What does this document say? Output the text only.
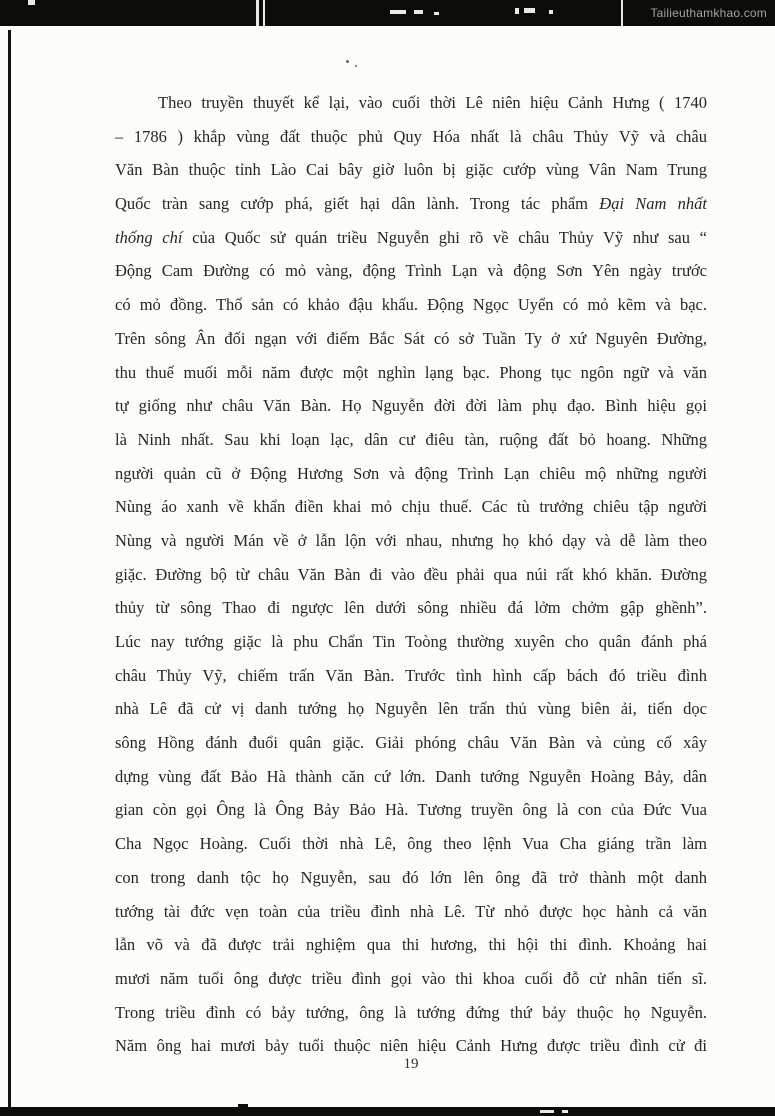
Tailieuthamkhao.com
Theo truyền thuyết kể lại, vào cuối thời Lê niên hiệu Cảnh Hưng ( 1740
– 1786 ) khắp vùng đất thuộc phủ Quy Hóa nhất là châu Thủy Vỹ và châu
Văn Bàn thuộc tỉnh Lào Cai bây giờ luôn bị giặc cướp vùng Vân Nam Trung
Quốc tràn sang cướp phá, giết hại dân lành. Trong tác phẩm Đại Nam nhất
thống chí của Quốc sử quán triều Nguyễn ghi rõ về châu Thủy Vỹ như sau “
Động Cam Đường có mỏ vàng, động Trình Lạn và động Sơn Yên ngày trước
có mỏ đồng. Thổ sản có khảo đậu khấu. Động Ngọc Uyển có mỏ kẽm và bạc.
Trên sông Ân đối ngạn với điếm Bắc Sát có sở Tuần Ty ở xứ Nguyên Đường,
thu thuế muối mỗi năm được một nghìn lạng bạc. Phong tục ngôn ngữ và văn
tự giống như châu Văn Bàn. Họ Nguyễn đời đời làm phụ đạo. Bình hiệu gọi
là Ninh nhất. Sau khi loạn lạc, dân cư điêu tàn, ruộng đất bỏ hoang. Những
người quản cũ ở Động Hương Sơn và động Trình Lạn chiêu mộ những người
Nùng áo xanh về khẩn điền khai mỏ chịu thuế. Các tù trưởng chiêu tập người
Nùng và người Mán về ở lẫn lộn với nhau, nhưng họ khó dạy và dễ làm theo
giặc. Đường bộ từ châu Văn Bàn đi vào đều phải qua núi rất khó khăn. Đường
thủy từ sông Thao đi ngược lên dưới sông nhiều đá lởm chởm gập ghềnh”.
Lúc nay tướng giặc là phu Chẩn Tin Toòng thường xuyên cho quân đánh phá
châu Thủy Vỹ, chiếm trấn Văn Bàn. Trước tình hình cấp bách đó triều đình
nhà Lê đã cử vị danh tướng họ Nguyễn lên trấn thủ vùng biên ải, tiến dọc
sông Hồng đánh đuổi quân giặc. Giải phóng châu Văn Bàn và củng cố xây
dựng vùng đất Bảo Hà thành căn cứ lớn. Danh tướng Nguyễn Hoàng Bảy, dân
gian còn gọi Ông là Ông Bảy Bảo Hà. Tương truyền ông là con của Đức Vua
Cha Ngọc Hoàng. Cuối thời nhà Lê, ông theo lệnh Vua Cha giáng trần làm
con trong danh tộc họ Nguyễn, sau đó lớn lên ông đã trở thành một danh
tướng tài đức vẹn toàn của triều đình nhà Lê. Từ nhỏ được học hành cả văn
lẫn võ và đã được trải nghiệm qua thi hương, thi hội thi đình. Khoảng hai
mươi năm tuổi ông được triều đình gọi vào thi khoa cuối đỗ cử nhân tiến sĩ.
Trong triều đình có bảy tướng, ông là tướng đứng thứ bảy thuộc họ Nguyễn.
Năm ông hai mươi bảy tuổi thuộc niên hiệu Cảnh Hưng được triều đình cử đi
19
